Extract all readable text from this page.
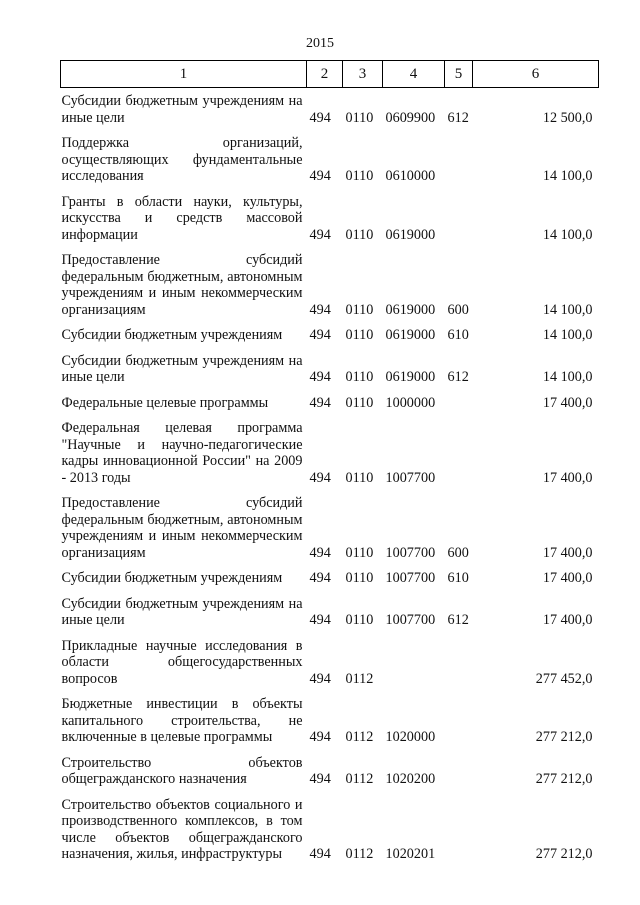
2015
1	2	3	4	5	6
Субсидии бюджетным учреждениям на иные цели	494	0110	0609900	612	12 500,0
Поддержка организаций, осуществляющих фундаментальные исследования	494	0110	0610000		14 100,0
Гранты в области науки, культуры, искусства и средств массовой информации	494	0110	0619000		14 100,0
Предоставление субсидий федеральным бюджетным, автономным учреждениям и иным некоммерческим организациям	494	0110	0619000	600	14 100,0
Субсидии бюджетным учреждениям	494	0110	0619000	610	14 100,0
Субсидии бюджетным учреждениям на иные цели	494	0110	0619000	612	14 100,0
Федеральные целевые программы	494	0110	1000000		17 400,0
Федеральная целевая программа "Научные и научно-педагогические кадры инновационной России" на 2009 - 2013 годы	494	0110	1007700		17 400,0
Предоставление субсидий федеральным бюджетным, автономным учреждениям и иным некоммерческим организациям	494	0110	1007700	600	17 400,0
Субсидии бюджетным учреждениям	494	0110	1007700	610	17 400,0
Субсидии бюджетным учреждениям на иные цели	494	0110	1007700	612	17 400,0
Прикладные научные исследования в области общегосударственных вопросов	494	0112			277 452,0
Бюджетные инвестиции в объекты капитального строительства, не включенные в целевые программы	494	0112	1020000		277 212,0
Строительство объектов общегражданского назначения	494	0112	1020200		277 212,0
Строительство объектов социального и производственного комплексов, в том числе объектов общегражданского назначения, жилья, инфраструктуры	494	0112	1020201		277 212,0
